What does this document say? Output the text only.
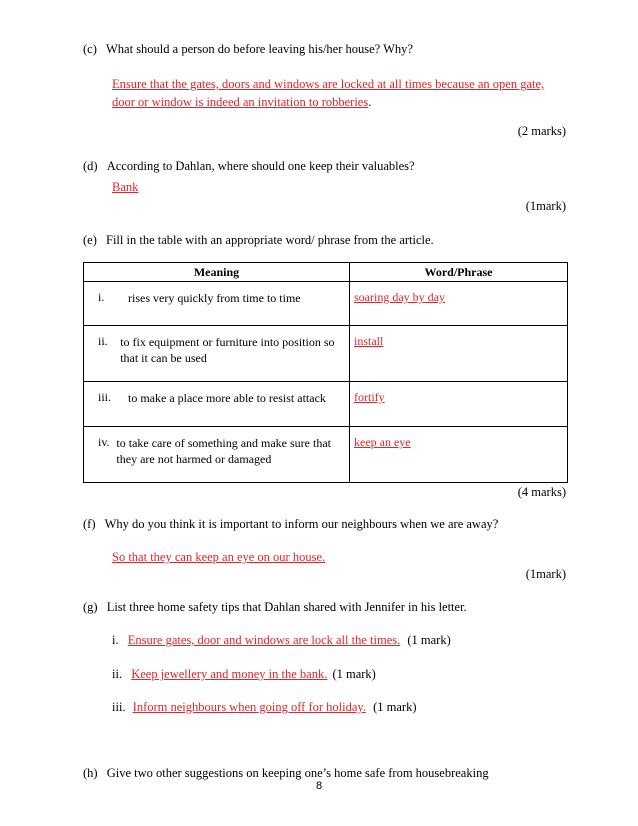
(c) What should a person do before leaving his/her house? Why?
Ensure that the gates, doors and windows are locked at all times because an open gate,
door or window is indeed an invitation to robberies.
(2 marks)
(d) According to Dahlan, where should one keep their valuables?
Bank
(1mark)
(e) Fill in the table with an appropriate word/ phrase from the article.
Meaning	Word/Phrase

i. rises very quickly from time to time	soaring day by day

ii. to fix equipment or furniture into position so that it can be used	install

iii. to make a place more able to resist attack	fortify

iv. to take care of something and make sure that they are not harmed or damaged	keep an eye
(4 marks)
(f) Why do you think it is important to inform our neighbours when we are away?
So that they can keep an eye on our house.
(1mark)
(g) List three home safety tips that Dahlan shared with Jennifer in his letter.
i. Ensure gates, door and windows are lock all the times. (1 mark)
ii. Keep jewellery and money in the bank. (1 mark)
iii. Inform neighbours when going off for holiday. (1 mark)
(h) Give two other suggestions on keeping one’s home safe from housebreaking
8
